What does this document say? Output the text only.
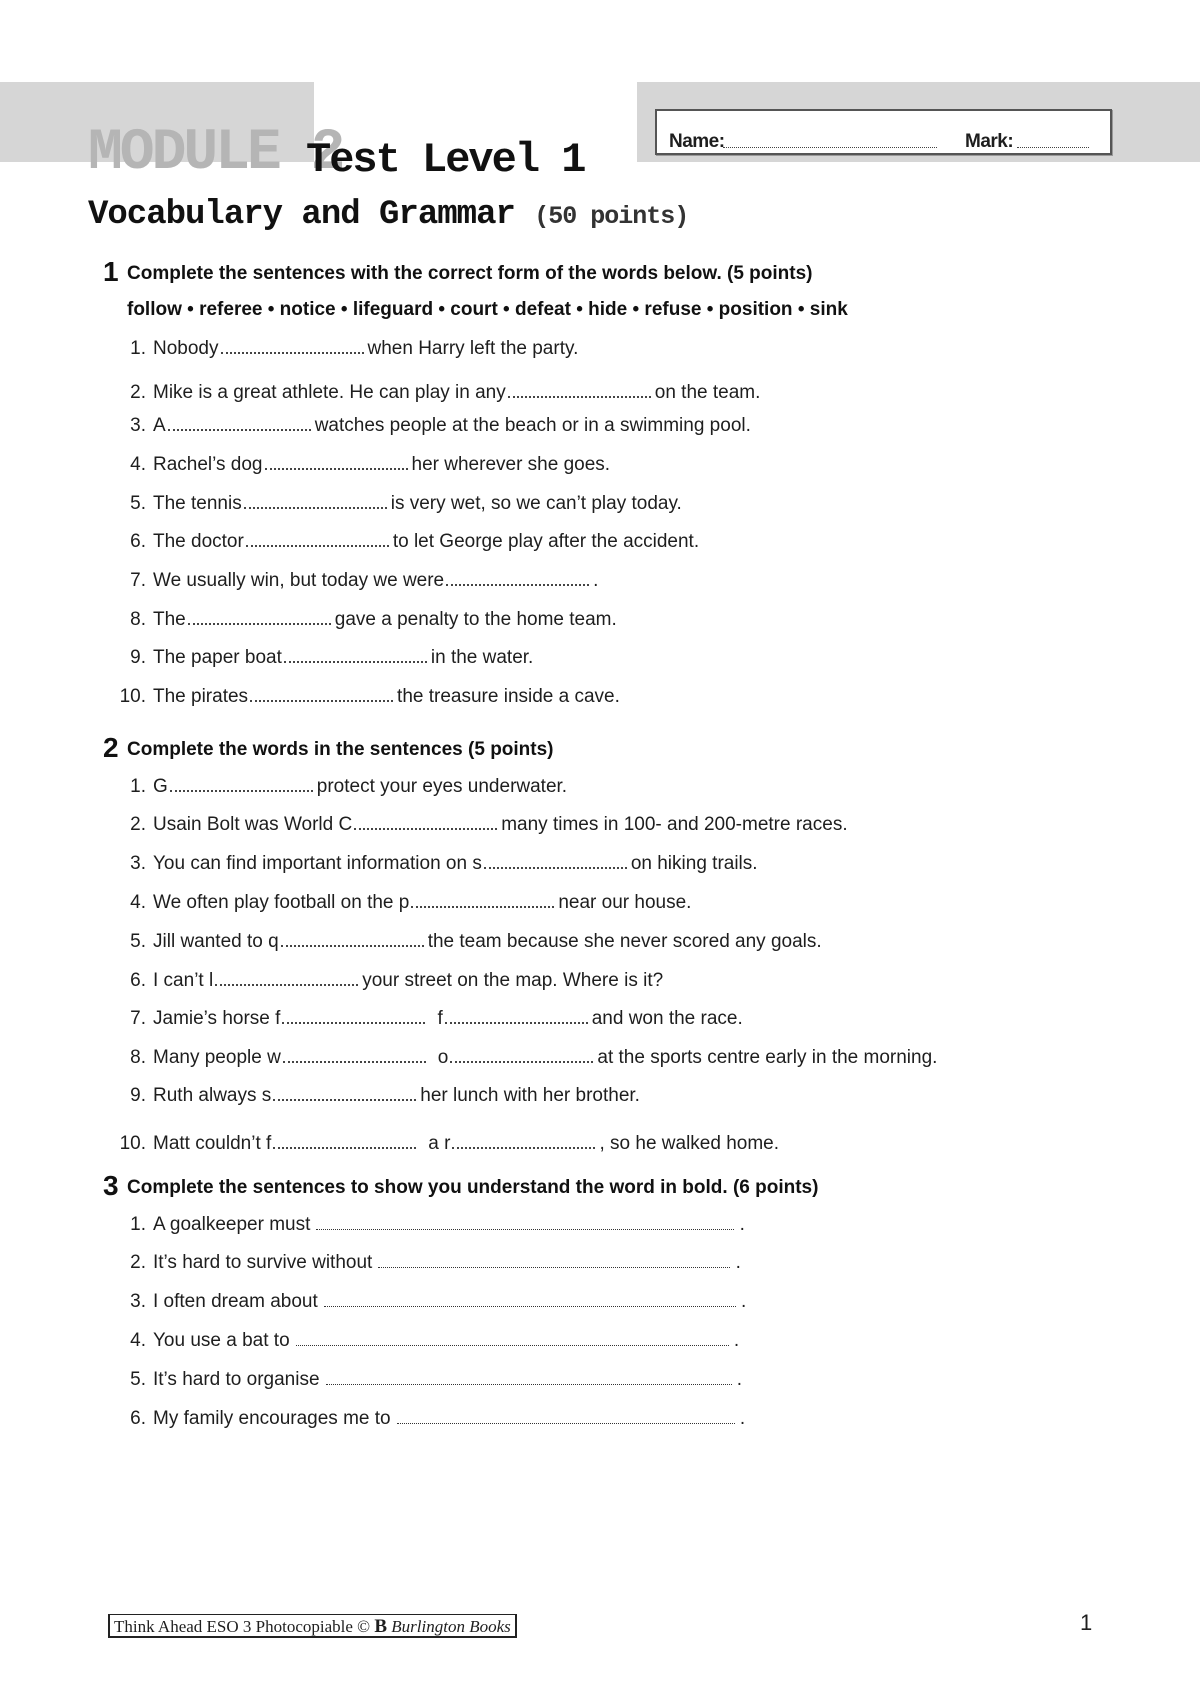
MODULE 2
Test Level 1	Name:	Mark:
Vocabulary and Grammar (50 points)
1 Complete the sentences with the correct form of the words below. (5 points)
follow • referee • notice • lifeguard • court • defeat • hide • refuse • position • sink
1. Nobody	when Harry left the party.
2. Mike is a great athlete. He can play in any	on the team.
3. A	watches people at the beach or in a swimming pool.
4. Rachel’s dog	her wherever she goes.
5. The tennis	is very wet, so we can’t play today.
6. The doctor	to let George play after the accident.
7. We usually win, but today we were	.
8. The	gave a penalty to the home team.
9. The paper boat	in the water.
10. The pirates	the treasure inside a cave.
2 Complete the words in the sentences (5 points)
1. G	protect your eyes underwater.
2. Usain Bolt was World C	many times in 100- and 200-metre races.
3. You can find important information on s	on hiking trails.
4. We often play football on the p	near our house.
5. Jill wanted to q	the team because she never scored any goals.
6. I can’t l	your street on the map. Where is it?
7. Jamie’s horse f	f	and won the race.
8. Many people w	o	at the sports centre early in the morning.
9. Ruth always s	her lunch with her brother.
10. Matt couldn’t f	a r	, so he walked home.
3 Complete the sentences to show you understand the word in bold. (6 points)
1. A goalkeeper must	.
2. It’s hard to survive without	.
3. I often dream about	.
4. You use a bat to	.
5. It’s hard to organise	.
6. My family encourages me to	.
Think Ahead ESO 3 Photocopiable © B Burlington Books	1
